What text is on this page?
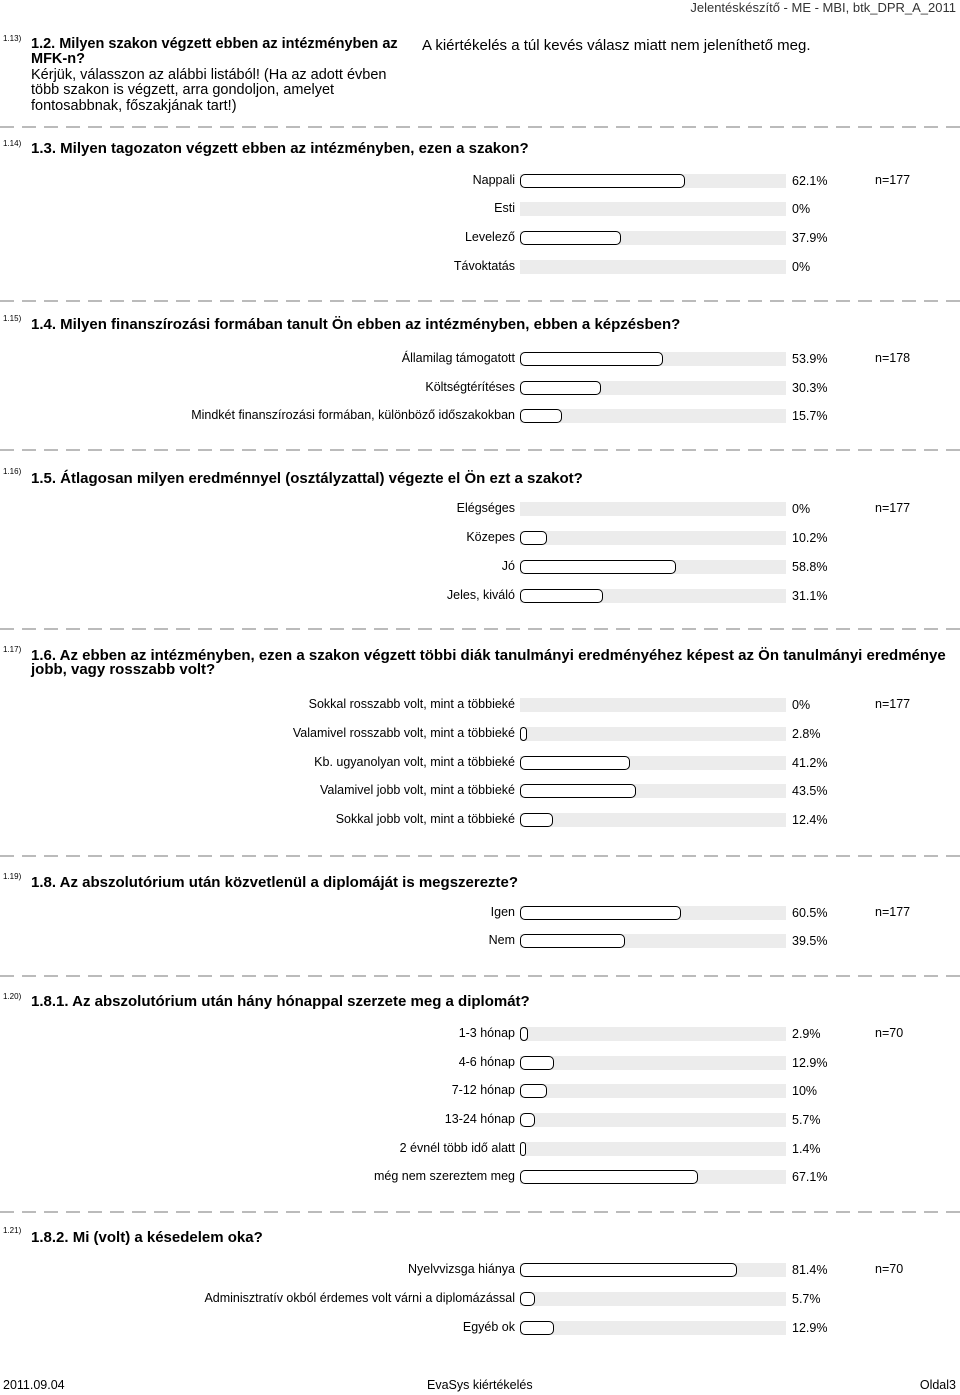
Jelentéskészítő - ME - MBI, btk_DPR_A_2011
1.13) 1.2. Milyen szakon végzett ebben az intézményben az MFK-n?
Kérjük, válasszon az alábbi listából! (Ha az adott évben több szakon is végzett, arra gondoljon, amelyet fontosabbnak, főszakjának tart!)
A kiértékelés a túl kevés válasz miatt nem jeleníthető meg.
1.14) 1.3. Milyen tagozaton végzett ebben az intézményben, ezen a szakon?
n=177
Nappali	62.1%
Esti	0%
Levelező	37.9%
Távoktatás	0%
1.15) 1.4. Milyen finanszírozási formában tanult Ön ebben az intézményben, ebben a képzésben?
n=178
Államilag támogatott	53.9%
Költségtérítéses	30.3%
Mindkét finanszírozási formában, különböző időszakokban	15.7%
1.16) 1.5. Átlagosan milyen eredménnyel (osztályzattal) végezte el Ön ezt a szakot?
n=177
Elégséges	0%
Közepes	10.2%
Jó	58.8%
Jeles, kiváló	31.1%
1.17) 1.6. Az ebben az intézményben, ezen a szakon végzett többi diák tanulmányi eredményéhez képest az Ön tanulmányi eredménye jobb, vagy rosszabb volt?
n=177
Sokkal rosszabb volt, mint a többieké	0%
Valamivel rosszabb volt, mint a többieké	2.8%
Kb. ugyanolyan volt, mint a többieké	41.2%
Valamivel jobb volt, mint a többieké	43.5%
Sokkal jobb volt, mint a többieké	12.4%
1.19) 1.8. Az abszolutórium után közvetlenül a diplomáját is megszerezte?
n=177
Igen	60.5%
Nem	39.5%
1.20) 1.8.1. Az abszolutórium után hány hónappal szerzete meg a diplomát?
n=70
1-3 hónap	2.9%
4-6 hónap	12.9%
7-12 hónap	10%
13-24 hónap	5.7%
2 évnél több idő alatt	1.4%
még nem szereztem meg	67.1%
1.21) 1.8.2. Mi (volt) a késedelem oka?
n=70
Nyelvvizsga hiánya	81.4%
Adminisztratív okból érdemes volt várni a diplomázással	5.7%
Egyéb ok	12.9%
2011.09.04	EvaSys kiértékelés	Oldal3
